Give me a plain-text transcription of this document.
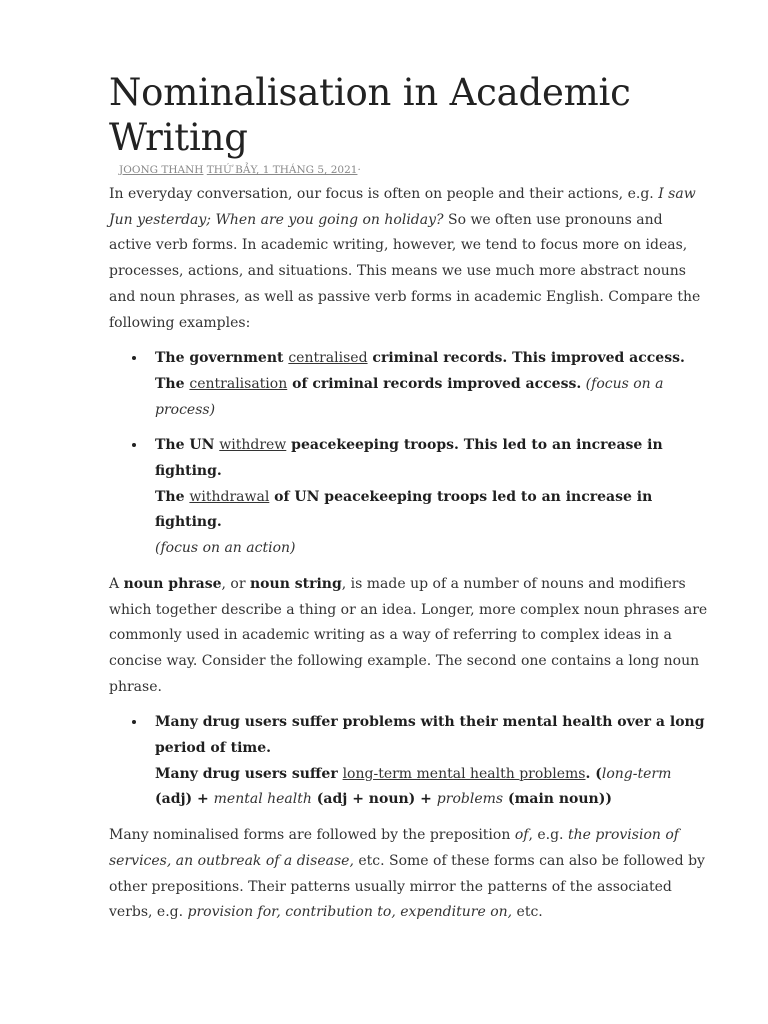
Nominalisation in Academic Writing
JOONG THANH THỨ BẢY, 1 THÁNG 5, 2021·

In everyday conversation, our focus is often on people and their actions, e.g. I saw Jun yesterday; When are you going on holiday? So we often use pronouns and active verb forms. In academic writing, however, we tend to focus more on ideas, processes, actions, and situations. This means we use much more abstract nouns and noun phrases, as well as passive verb forms in academic English. Compare the following examples:

The government centralised criminal records. This improved access.
The centralisation of criminal records improved access. (focus on a process)
The UN withdrew peacekeeping troops. This led to an increase in fighting.
The withdrawal of UN peacekeeping troops led to an increase in fighting.
(focus on an action)

A noun phrase, or noun string, is made up of a number of nouns and modifiers which together describe a thing or an idea. Longer, more complex noun phrases are commonly used in academic writing as a way of referring to complex ideas in a concise way. Consider the following example. The second one contains a long noun phrase.

Many drug users suffer problems with their mental health over a long period of time.
Many drug users suffer long-term mental health problems. (long-term (adj) + mental health (adj + noun) + problems (main noun))

Many nominalised forms are followed by the preposition of, e.g. the provision of services, an outbreak of a disease, etc. Some of these forms can also be followed by other prepositions. Their patterns usually mirror the patterns of the associated verbs, e.g. provision for, contribution to, expenditure on, etc.
